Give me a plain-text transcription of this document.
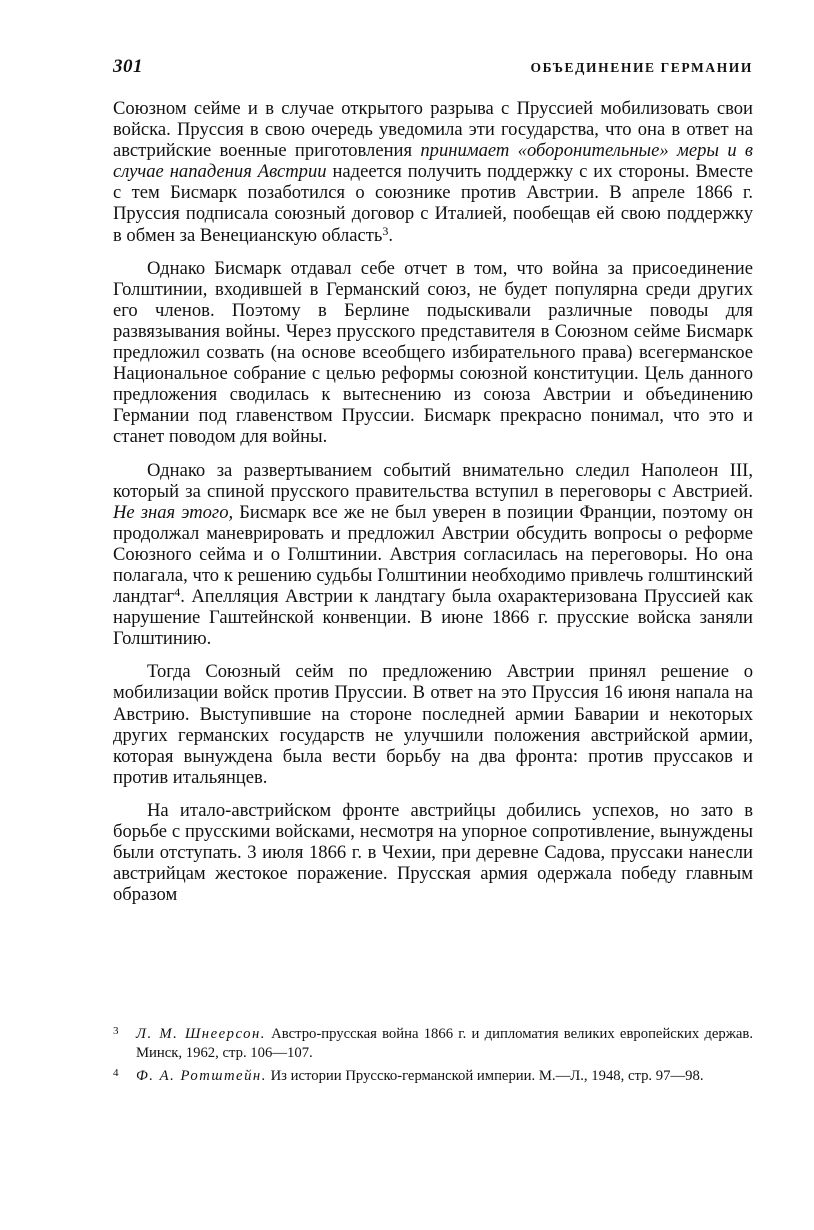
301	ОБЪЕДИНЕНИЕ ГЕРМАНИИ

Союзном сейме и в случае открытого разрыва с Пруссией мобилизовать свои войска. Пруссия в свою очередь уведомила эти государства, что она в ответ на австрийские военные приготовления принимает «оборонительные» меры и в случае нападения Австрии надеется получить поддержку с их стороны. Вместе с тем Бисмарк позаботился о союзнике против Австрии. В апреле 1866 г. Пруссия подписала союзный договор с Италией, пообещав ей свою поддержку в обмен за Венецианскую область$^3$.

Однако Бисмарк отдавал себе отчет в том, что война за присоединение Голштинии, входившей в Германский союз, не будет популярна среди других его членов. Поэтому в Берлине подыскивали различные поводы для развязывания войны. Через прусского представителя в Союзном сейме Бисмарк предложил созвать (на основе всеобщего избирательного права) всегерманское Национальное собрание с целью реформы союзной конституции. Цель данного предложения сводилась к вытеснению из союза Австрии и объединению Германии под главенством Пруссии. Бисмарк прекрасно понимал, что это и станет поводом для войны.

Однако за развертыванием событий внимательно следил Наполеон III, который за спиной прусского правительства вступил в переговоры с Австрией. Не зная этого, Бисмарк все же не был уверен в позиции Франции, поэтому он продолжал маневрировать и предложил Австрии обсудить вопросы о реформе Союзного сейма и о Голштинии. Австрия согласилась на переговоры. Но она полагала, что к решению судьбы Голштинии необходимо привлечь голштинский ландтаг$^4$. Апелляция Австрии к ландтагу была охарактеризована Пруссией как нарушение Гаштейнской конвенции. В июне 1866 г. прусские войска заняли Голштинию.

Тогда Союзный сейм по предложению Австрии принял решение о мобилизации войск против Пруссии. В ответ на это Пруссия 16 июня напала на Австрию. Выступившие на стороне последней армии Баварии и некоторых других германских государств не улучшили положения австрийской армии, которая вынуждена была вести борьбу на два фронта: против пруссаков и против итальянцев.

На итало-австрийском фронте австрийцы добились успехов, но зато в борьбе с прусскими войсками, несмотря на упорное сопротивление, вынуждены были отступать. 3 июля 1866 г. в Чехии, при деревне Садова, пруссаки нанесли австрийцам жестокое поражение. Прусская армия одержала победу главным образом

3 Л. М. Шнеерсон. Австро-прусская война 1866 г. и дипломатия великих европейских держав. Минск, 1962, стр. 106—107.

4 Ф. А. Ротштейн. Из истории Прусско-германской империи. М.—Л., 1948, стр. 97—98.
